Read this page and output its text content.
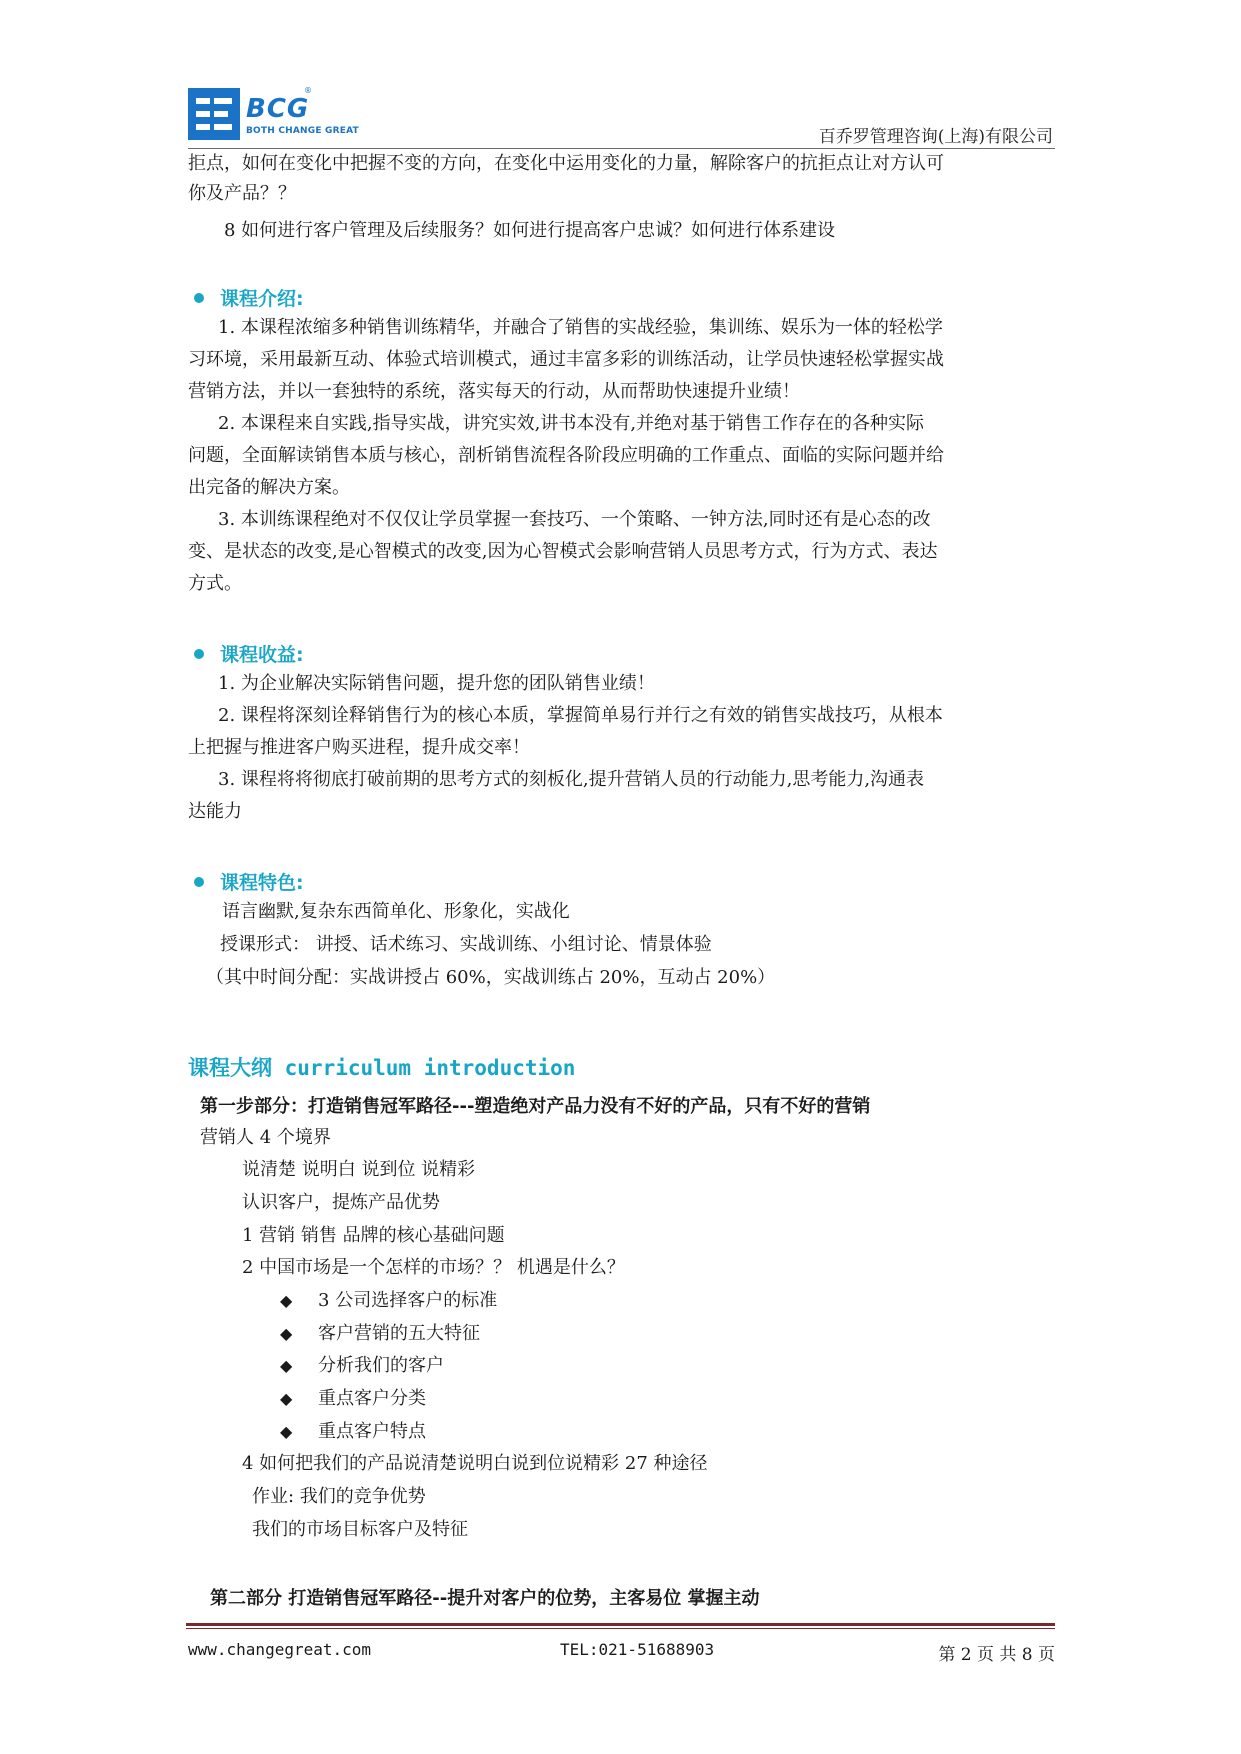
BCG
®
BOTH CHANGE GREAT	百乔罗管理咨询(上海)有限公司
拒点，如何在变化中把握不变的方向，在变化中运用变化的力量，解除客户的抗拒点让对方认可
你及产品？？
8 如何进行客户管理及后续服务？如何进行提高客户忠诚？如何进行体系建设
课程介绍:
1. 本课程浓缩多种销售训练精华，并融合了销售的实战经验，集训练、娱乐为一体的轻松学
习环境，采用最新互动、体验式培训模式，通过丰富多彩的训练活动，让学员快速轻松掌握实战
营销方法，并以一套独特的系统，落实每天的行动，从而帮助快速提升业绩！
2. 本课程来自实践,指导实战，讲究实效,讲书本没有,并绝对基于销售工作存在的各种实际
问题，全面解读销售本质与核心，剖析销售流程各阶段应明确的工作重点、面临的实际问题并给
出完备的解决方案。
3. 本训练课程绝对不仅仅让学员掌握一套技巧、一个策略、一钟方法,同时还有是心态的改
变、是状态的改变,是心智模式的改变,因为心智模式会影响营销人员思考方式，行为方式、表达
方式。
课程收益:
1. 为企业解决实际销售问题，提升您的团队销售业绩！
2. 课程将深刻诠释销售行为的核心本质，掌握简单易行并行之有效的销售实战技巧，从根本
上把握与推进客户购买进程，提升成交率！
3. 课程将将彻底打破前期的思考方式的刻板化,提升营销人员的行动能力,思考能力,沟通表
达能力
课程特色:
语言幽默,复杂东西简单化、形象化，实战化
授课形式： 讲授、话术练习、实战训练、小组讨论、情景体验
（其中时间分配：实战讲授占 60%，实战训练占 20%，互动占 20%）
课程大纲 curriculum introduction
第一步部分：打造销售冠军路径---塑造绝对产品力没有不好的产品，只有不好的营销
营销人 4 个境界
说清楚 说明白 说到位 说精彩
认识客户，提炼产品优势
1 营销 销售 品牌的核心基础问题
2 中国市场是一个怎样的市场？？ 机遇是什么？
◆ 3 公司选择客户的标准
◆ 客户营销的五大特征
◆ 分析我们的客户
◆ 重点客户分类
◆ 重点客户特点
4 如何把我们的产品说清楚说明白说到位说精彩 27 种途径
作业: 我们的竞争优势
我们的市场目标客户及特征
第二部分 打造销售冠军路径--提升对客户的位势，主客易位 掌握主动
www.changegreat.com	TEL:021-51688903	第 2 页 共 8 页
